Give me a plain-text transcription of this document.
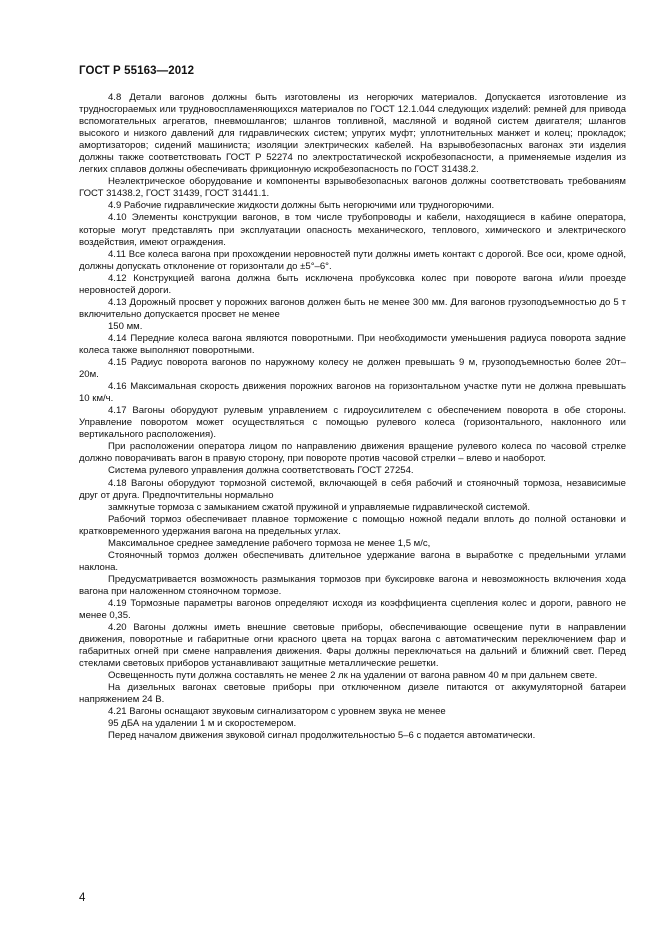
ГОСТ Р 55163—2012

4.8 Детали вагонов должны быть изготовлены из негорючих материалов. Допускается изготовление из трудносгораемых или трудновоспламеняющихся материалов по ГОСТ 12.1.044 следующих изделий: ремней для привода вспомогательных агрегатов, пневмошлангов; шлангов топливной, масляной и водяной систем двигателя; шлангов высокого и низкого давлений для гидравлических систем; упругих муфт; уплотнительных манжет и колец; прокладок; амортизаторов; сидений машиниста; изоляции электрических кабелей. На взрывобезопасных вагонах эти изделия должны также соответствовать ГОСТ Р 52274 по электростатической искробезопасности, а применяемые изделия из легких сплавов должны обеспечивать фрикционную искробезопасность по ГОСТ 31438.2.

Неэлектрическое оборудование и компоненты взрывобезопасных вагонов должны соответствовать требованиям ГОСТ 31438.2, ГОСТ 31439, ГОСТ 31441.1.

4.9 Рабочие гидравлические жидкости должны быть негорючими или трудногорючими.

4.10 Элементы конструкции вагонов, в том числе трубопроводы и кабели, находящиеся в кабине оператора, которые могут представлять при эксплуатации опасность механического, теплового, химического и электрического воздействия, имеют ограждения.

4.11 Все колеса вагона при прохождении неровностей пути должны иметь контакт с дорогой. Все оси, кроме одной, должны допускать отклонение от горизонтали до ±5°–6°.

4.12 Конструкцией вагона должна быть исключена пробуксовка колес при повороте вагона и/или проезде неровностей дороги.

4.13 Дорожный просвет у порожних вагонов должен быть не менее 300 мм. Для вагонов грузоподъемностью до 5 т включительно допускается просвет не менее

150 мм.

4.14 Передние колеса вагона являются поворотными. При необходимости уменьшения радиуса поворота задние колеса также выполняют поворотными.

4.15 Радиус поворота вагонов по наружному колесу не должен превышать 9 м, грузоподъемностью более 20т– 20м.

4.16 Максимальная скорость движения порожних вагонов на горизонтальном участке пути не должна превышать 10 км/ч.

4.17 Вагоны оборудуют рулевым управлением с гидроусилителем с обеспечением поворота в обе стороны. Управление поворотом может осуществляться с помощью рулевого колеса (горизонтального, наклонного или вертикального расположения).

При расположении оператора лицом по направлению движения вращение рулевого колеса по часовой стрелке должно поворачивать вагон в правую сторону, при повороте против часовой стрелки – влево и наоборот.

Система рулевого управления должна соответствовать ГОСТ 27254.

4.18 Вагоны оборудуют тормозной системой, включающей в себя рабочий и стояночный тормоза, независимые друг от друга. Предпочтительны нормально

замкнутые тормоза с замыканием сжатой пружиной и управляемые гидравлической системой.

Рабочий тормоз обеспечивает плавное торможение с помощью ножной педали вплоть до полной остановки и кратковременного удержания вагона на предельных углах.

Максимальное среднее замедление рабочего тормоза не менее 1,5 м/с,

Стояночный тормоз должен обеспечивать длительное удержание вагона в выработке с предельными углами наклона.

Предусматривается возможность размыкания тормозов при буксировке вагона и невозможность включения хода вагона при наложенном стояночном тормозе.

4.19 Тормозные параметры вагонов определяют исходя из коэффициента сцепления колес и дороги, равного не менее 0,35.

4.20 Вагоны должны иметь внешние световые приборы, обеспечивающие освещение пути в направлении движения, поворотные и габаритные огни красного цвета на торцах вагона с автоматическим переключением фар и габаритных огней при смене направления движения. Фары должны переключаться на дальний и ближний свет. Перед стеклами световых приборов устанавливают защитные металлические решетки.

Освещенность пути должна составлять не менее 2 лк на удалении от вагона равном 40 м при дальнем свете.

На дизельных вагонах световые приборы при отключенном дизеле питаются от аккумуляторной батареи напряжением 24 В.

4.21 Вагоны оснащают звуковым сигнализатором с уровнем звука не менее

95 дБА на удалении 1 м и скоростемером.

Перед началом движения звуковой сигнал продолжительностью 5–6 с подается автоматически.

4
